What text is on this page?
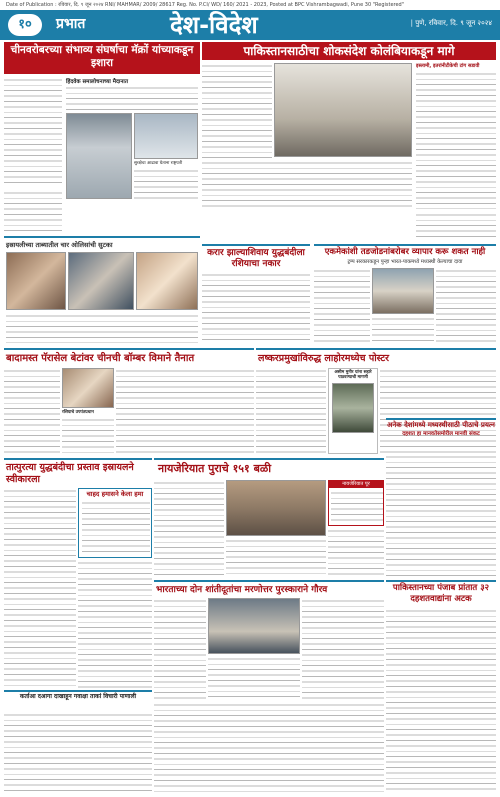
Date of Publication : रविवार, दि. ९ जून २०२४ RNI/ MAHMAR/ 2009/ 28617 Reg. No. P.CI/ WD/ 160/ 2021 - 2023, Posted at BPC Vishrambagwadi, Pune 30 "Registered"
१०	प्रभात	देश-विदेश	| पुणे, रविवार, दि. ९ जून २०२४
चीनवरोबरच्या संभाव्य संघर्षाचा मॅक्रों यांच्याकडून इशारा
हिंदवेक समालोचनाच्या मैदानात
सुरक्षेचा आढावा घेताना राष्ट्रपती
इस्रायलीच्या ताब्यातील चार ओलिसांची सुटका
पाकिस्तानसाठीचा शोकसंदेश कोलंबियाकडून मागे
इस्लामी, इतरांनीटीकेची टांग सडावी
करार झाल्याशिवाय युद्धबंदीला रशियाचा नकार
एकमेकांशी तडजोडनांबरोबर व्यापार करू शकत नाही
ट्रम्प सरकारकडून पुन्हा भारत-पाकमध्ये मध्यस्थी केल्याचा दावा
बादामस्त पॅरासेल बेटांवर चीनची बॉम्बर विमाने तैनात
रशियाचे उपपंतप्रधान
लष्करप्रमुखांविरुद्ध लाहोरमध्येच पोस्टर
असीम मुनीर यांना सहारे पाठवण्याची मागणी
तात्पुरत्या युद्धबंदीचा प्रस्ताव इस्रायलने स्वीकारला
चाहद हमासने केला हमा
नायजेरियात पुराचे १५१ बळी
नायजेरियात पूर
अनेक देशांमध्ये मध्यस्थीसाठी पीठाचे प्रयत्न
दहशत हा मानवतेसमोरील मानवी संकट
भारताच्या दोन शांतीदूतांचा मरणोत्तर पुरस्काराने गौरव	पाकिस्तानच्या पंजाब प्रांतात ३२ दहशतवाद्यांना अटक
कर्ताआ दआगा दाखाहून गवाक्षा ताकां विचारी पाणाली
